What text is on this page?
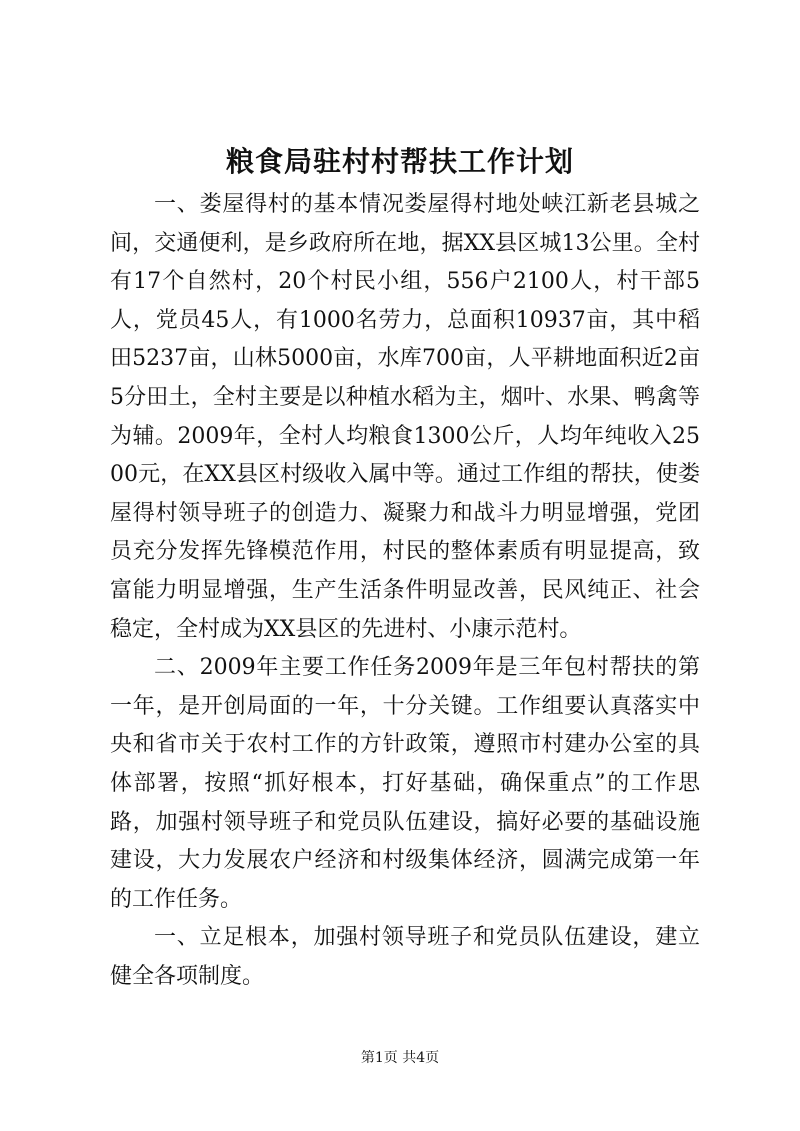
粮食局驻村村帮扶工作计划

一、娄屋得村的基本情况娄屋得村地处峡江新老县城之间，交通便利，是乡政府所在地，据XX县区城13公里。全村有17个自然村，20个村民小组，556户2100人，村干部5人，党员45人，有1000名劳力，总面积10937亩，其中稻田5237亩，山林5000亩，水库700亩，人平耕地面积近2亩5分田土，全村主要是以种植水稻为主，烟叶、水果、鸭禽等为辅。2009年，全村人均粮食1300公斤，人均年纯收入2500元，在XX县区村级收入属中等。通过工作组的帮扶，使娄屋得村领导班子的创造力、凝聚力和战斗力明显增强，党团员充分发挥先锋模范作用，村民的整体素质有明显提高，致富能力明显增强，生产生活条件明显改善，民风纯正、社会稳定，全村成为XX县区的先进村、小康示范村。

二、2009年主要工作任务2009年是三年包村帮扶的第一年，是开创局面的一年，十分关键。工作组要认真落实中央和省市关于农村工作的方针政策，遵照市村建办公室的具体部署，按照“抓好根本，打好基础，确保重点”的工作思路，加强村领导班子和党员队伍建设，搞好必要的基础设施建设，大力发展农户经济和村级集体经济，圆满完成第一年的工作任务。

一、立足根本，加强村领导班子和党员队伍建设，建立健全各项制度。

第1页 共4页
